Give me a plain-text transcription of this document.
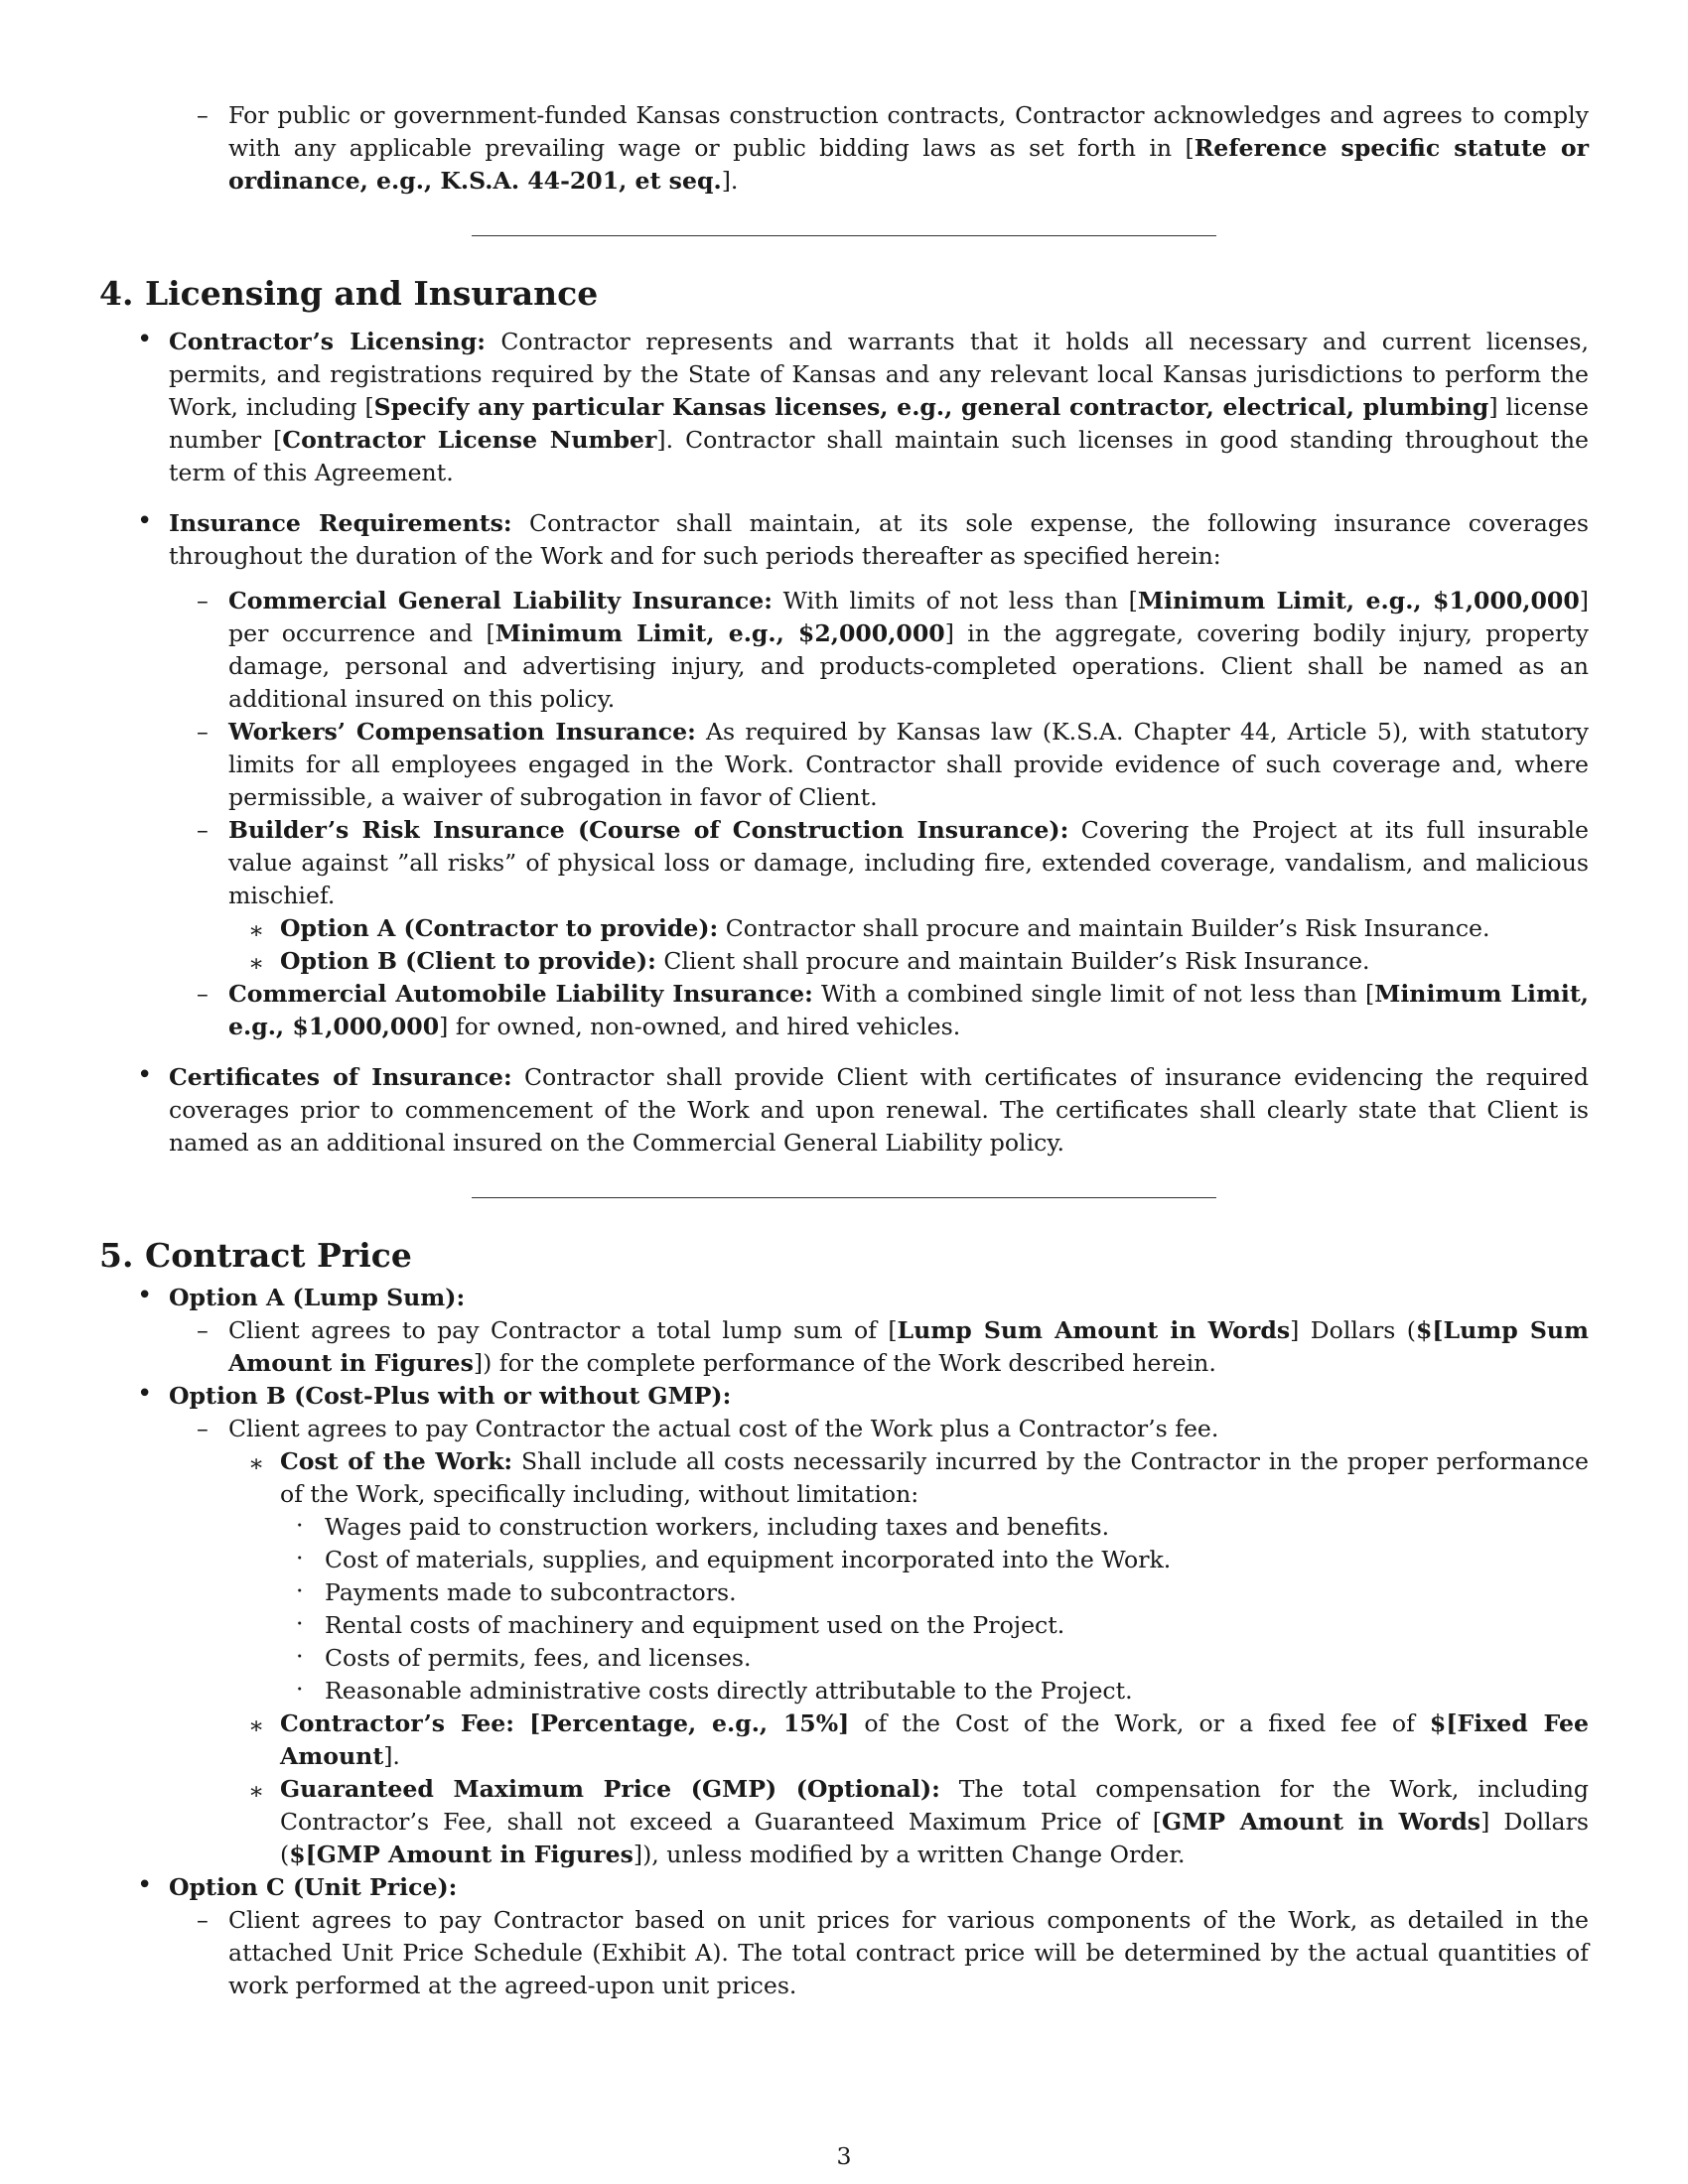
– For public or government-funded Kansas construction contracts, Contractor acknowledges and agrees to comply with any applicable prevailing wage or public bidding laws as set forth in [Reference specific statute or ordinance, e.g., K.S.A. 44-201, et seq.].
4. Licensing and Insurance
• Contractor’s Licensing: Contractor represents and warrants that it holds all necessary and current licenses, permits, and registrations required by the State of Kansas and any relevant local Kansas jurisdictions to perform the Work, including [Specify any particular Kansas licenses, e.g., general contractor, electrical, plumbing] license number [Contractor License Number]. Contractor shall maintain such licenses in good standing throughout the term of this Agreement.
• Insurance Requirements: Contractor shall maintain, at its sole expense, the following insurance coverages throughout the duration of the Work and for such periods thereafter as specified herein:
– Commercial General Liability Insurance: With limits of not less than [Minimum Limit, e.g., $1,000,000] per occurrence and [Minimum Limit, e.g., $2,000,000] in the aggregate, covering bodily injury, property damage, personal and advertising injury, and products-completed operations. Client shall be named as an additional insured on this policy.
– Workers’ Compensation Insurance: As required by Kansas law (K.S.A. Chapter 44, Article 5), with statutory limits for all employees engaged in the Work. Contractor shall provide evidence of such coverage and, where permissible, a waiver of subrogation in favor of Client.
– Builder’s Risk Insurance (Course of Construction Insurance): Covering the Project at its full insurable value against ”all risks” of physical loss or damage, including fire, extended coverage, vandalism, and malicious mischief.
∗ Option A (Contractor to provide): Contractor shall procure and maintain Builder’s Risk Insurance.
∗ Option B (Client to provide): Client shall procure and maintain Builder’s Risk Insurance.
– Commercial Automobile Liability Insurance: With a combined single limit of not less than [Minimum Limit, e.g., $1,000,000] for owned, non-owned, and hired vehicles.
• Certificates of Insurance: Contractor shall provide Client with certificates of insurance evidencing the required coverages prior to commencement of the Work and upon renewal. The certificates shall clearly state that Client is named as an additional insured on the Commercial General Liability policy.
5. Contract Price
• Option A (Lump Sum):
– Client agrees to pay Contractor a total lump sum of [Lump Sum Amount in Words] Dollars ($[Lump Sum Amount in Figures]) for the complete performance of the Work described herein.
• Option B (Cost-Plus with or without GMP):
– Client agrees to pay Contractor the actual cost of the Work plus a Contractor’s fee.
∗ Cost of the Work: Shall include all costs necessarily incurred by the Contractor in the proper performance of the Work, specifically including, without limitation:
· Wages paid to construction workers, including taxes and benefits.
· Cost of materials, supplies, and equipment incorporated into the Work.
· Payments made to subcontractors.
· Rental costs of machinery and equipment used on the Project.
· Costs of permits, fees, and licenses.
· Reasonable administrative costs directly attributable to the Project.
∗ Contractor’s Fee: [Percentage, e.g., 15%] of the Cost of the Work, or a fixed fee of $[Fixed Fee Amount].
∗ Guaranteed Maximum Price (GMP) (Optional): The total compensation for the Work, including Contractor’s Fee, shall not exceed a Guaranteed Maximum Price of [GMP Amount in Words] Dollars ($[GMP Amount in Figures]), unless modified by a written Change Order.
• Option C (Unit Price):
– Client agrees to pay Contractor based on unit prices for various components of the Work, as detailed in the attached Unit Price Schedule (Exhibit A). The total contract price will be determined by the actual quantities of work performed at the agreed-upon unit prices.
3
